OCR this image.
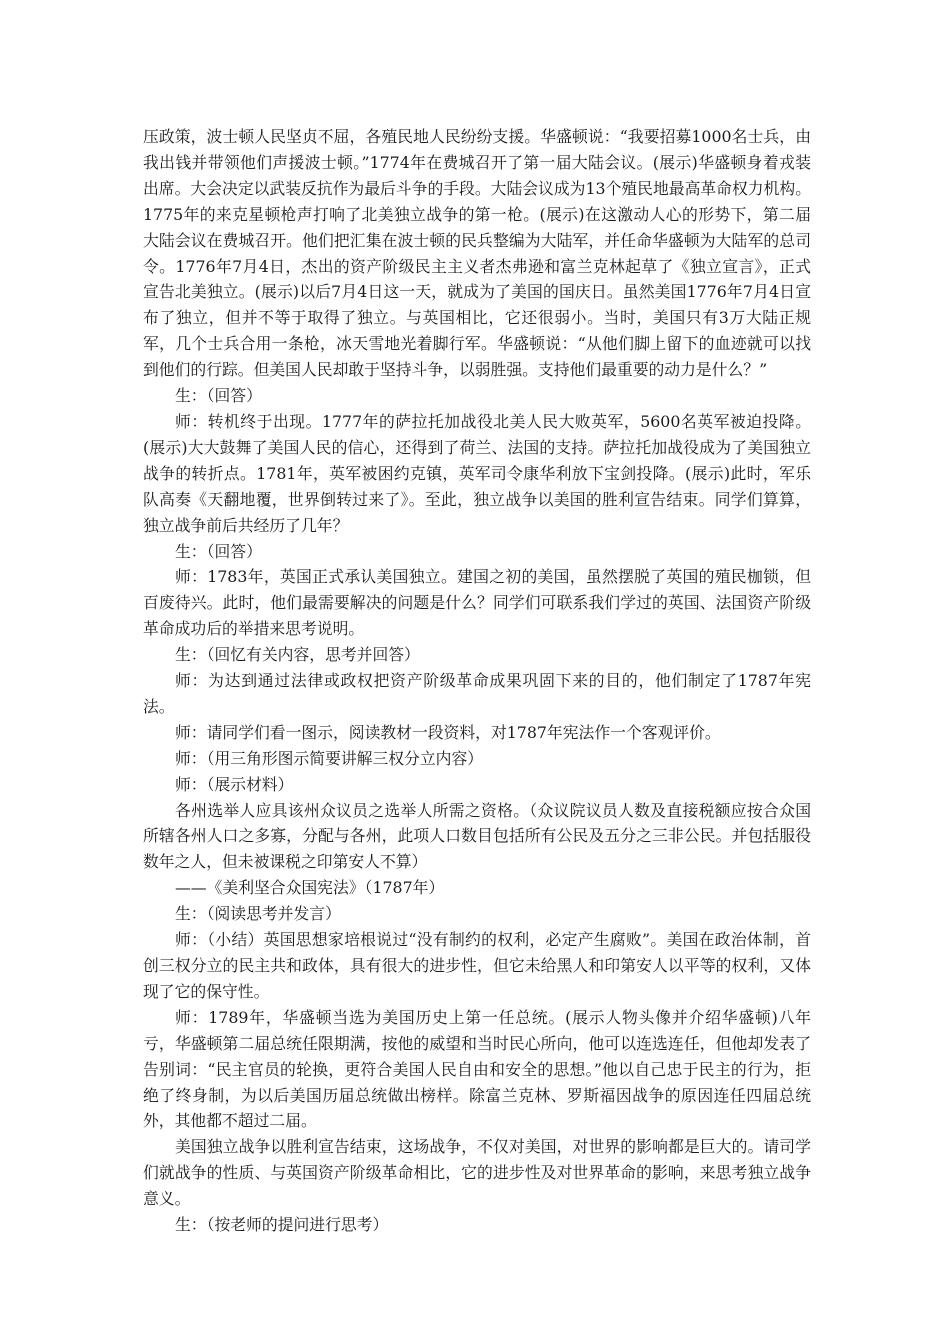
压政策，波士顿人民坚贞不屈，各殖民地人民纷纷支援。华盛顿说：“我要招募1000名士兵，由我出钱并带领他们声援波士顿。”1774年在费城召开了第一届大陆会议。(展示)华盛顿身着戎装出席。大会决定以武装反抗作为最后斗争的手段。大陆会议成为13个殖民地最高革命权力机构。1775年的来克星顿枪声打响了北美独立战争的第一枪。(展示)在这激动人心的形势下，第二届大陆会议在费城召开。他们把汇集在波士顿的民兵整编为大陆军，并任命华盛顿为大陆军的总司令。1776年7月4日，杰出的资产阶级民主主义者杰弗逊和富兰克林起草了《独立宣言》，正式宣告北美独立。(展示)以后7月4日这一天，就成为了美国的国庆日。虽然美国1776年7月4日宣布了独立，但并不等于取得了独立。与英国相比，它还很弱小。当时，美国只有3万大陆正规军，几个士兵合用一条枪，冰天雪地光着脚行军。华盛顿说：“从他们脚上留下的血迹就可以找到他们的行踪。但美国人民却敢于坚持斗争，以弱胜强。支持他们最重要的动力是什么？”

生：（回答）

师：转机终于出现。1777年的萨拉托加战役北美人民大败英军，5600名英军被迫投降。(展示)大大鼓舞了美国人民的信心，还得到了荷兰、法国的支持。萨拉托加战役成为了美国独立战争的转折点。1781年，英军被困约克镇，英军司令康华利放下宝剑投降。(展示)此时，军乐队高奏《天翻地覆，世界倒转过来了》。至此，独立战争以美国的胜利宣告结束。同学们算算，独立战争前后共经历了几年？

生：（回答）

师：1783年，英国正式承认美国独立。建国之初的美国，虽然摆脱了英国的殖民枷锁，但百废待兴。此时，他们最需要解决的问题是什么？同学们可联系我们学过的英国、法国资产阶级革命成功后的举措来思考说明。

生：（回忆有关内容，思考并回答）

师：为达到通过法律或政权把资产阶级革命成果巩固下来的目的，他们制定了1787年宪法。

师：请同学们看一图示，阅读教材一段资料，对1787年宪法作一个客观评价。

师：（用三角形图示简要讲解三权分立内容）

师：（展示材料）

各州选举人应具该州众议员之选举人所需之资格。（众议院议员人数及直接税额应按合众国所辖各州人口之多寡，分配与各州，此项人口数目包括所有公民及五分之三非公民。并包括服役数年之人，但未被课税之印第安人不算）

——《美利坚合众国宪法》（1787年）

生：（阅读思考并发言）

师：（小结）英国思想家培根说过“没有制约的权利，必定产生腐败”。美国在政治体制，首创三权分立的民主共和政体，具有很大的进步性，但它未给黑人和印第安人以平等的权利，又体现了它的保守性。

师：1789年，华盛顿当选为美国历史上第一任总统。(展示人物头像并介绍华盛顿)八年亏，华盛顿第二届总统任限期满，按他的威望和当时民心所向，他可以连选连任，但他却发表了告别词：“民主官员的轮换，更符合美国人民自由和安全的思想。”他以自己忠于民主的行为，拒绝了终身制，为以后美国历届总统做出榜样。除富兰克林、罗斯福因战争的原因连任四届总统外，其他都不超过二届。

美国独立战争以胜利宣告结束，这场战争，不仅对美国，对世界的影响都是巨大的。请司学们就战争的性质、与英国资产阶级革命相比，它的进步性及对世界革命的影响，来思考独立战争意义。

生：（按老师的提问进行思考）
